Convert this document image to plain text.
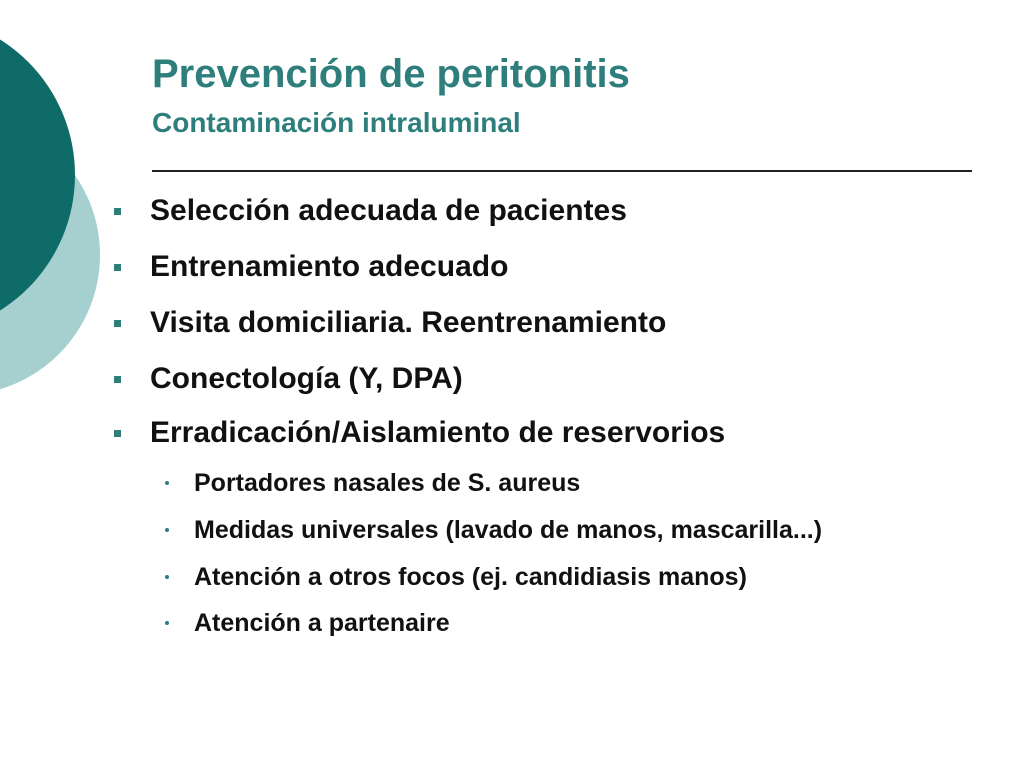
Prevención de peritonitis
Contaminación intraluminal
Selección adecuada de pacientes
Entrenamiento adecuado
Visita domiciliaria. Reentrenamiento
Conectología (Y, DPA)
Erradicación/Aislamiento de reservorios
Portadores nasales de S. aureus
Medidas universales (lavado de manos, mascarilla...)
Atención a otros focos (ej. candidiasis manos)
Atención a partenaire
